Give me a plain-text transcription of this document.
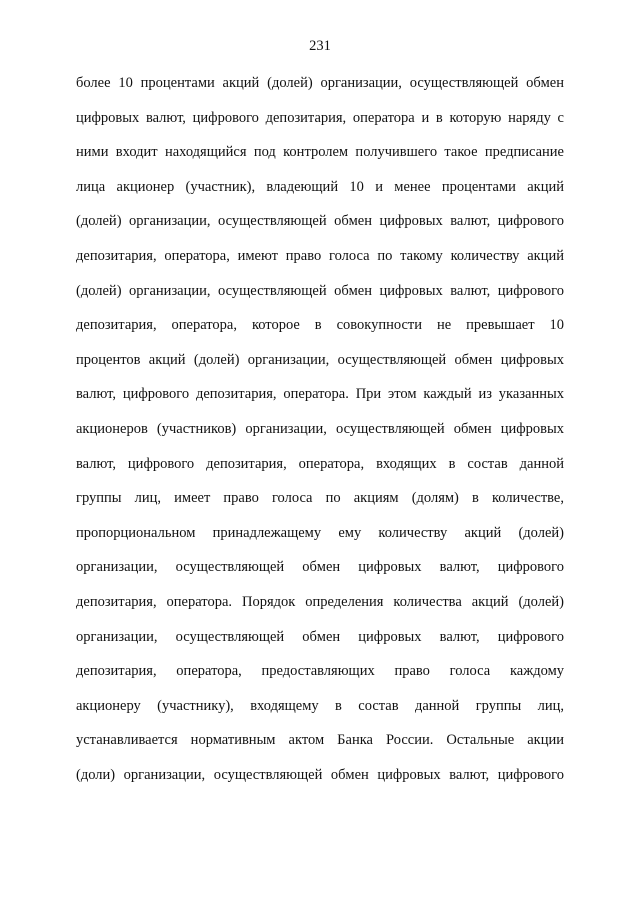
231
более 10 процентами акций (долей) организации, осуществляющей обмен
цифровых валют, цифрового депозитария, оператора и в которую наряду с
ними входит находящийся под контролем получившего такое предписание
лица акционер (участник), владеющий 10 и менее процентами акций
(долей) организации, осуществляющей обмен цифровых валют, цифрового
депозитария, оператора, имеют право голоса по такому количеству акций
(долей) организации, осуществляющей обмен цифровых валют, цифрового
депозитария, оператора, которое в совокупности не превышает 10
процентов акций (долей) организации, осуществляющей обмен цифровых
валют, цифрового депозитария, оператора. При этом каждый из указанных
акционеров (участников) организации, осуществляющей обмен цифровых
валют, цифрового депозитария, оператора, входящих в состав данной
группы лиц, имеет право голоса по акциям (долям) в количестве,
пропорциональном принадлежащему ему количеству акций (долей)
организации, осуществляющей обмен цифровых валют, цифрового
депозитария, оператора. Порядок определения количества акций (долей)
организации, осуществляющей обмен цифровых валют, цифрового
депозитария, оператора, предоставляющих право голоса каждому
акционеру (участнику), входящему в состав данной группы лиц,
устанавливается нормативным актом Банка России. Остальные акции
(доли) организации, осуществляющей обмен цифровых валют, цифрового
